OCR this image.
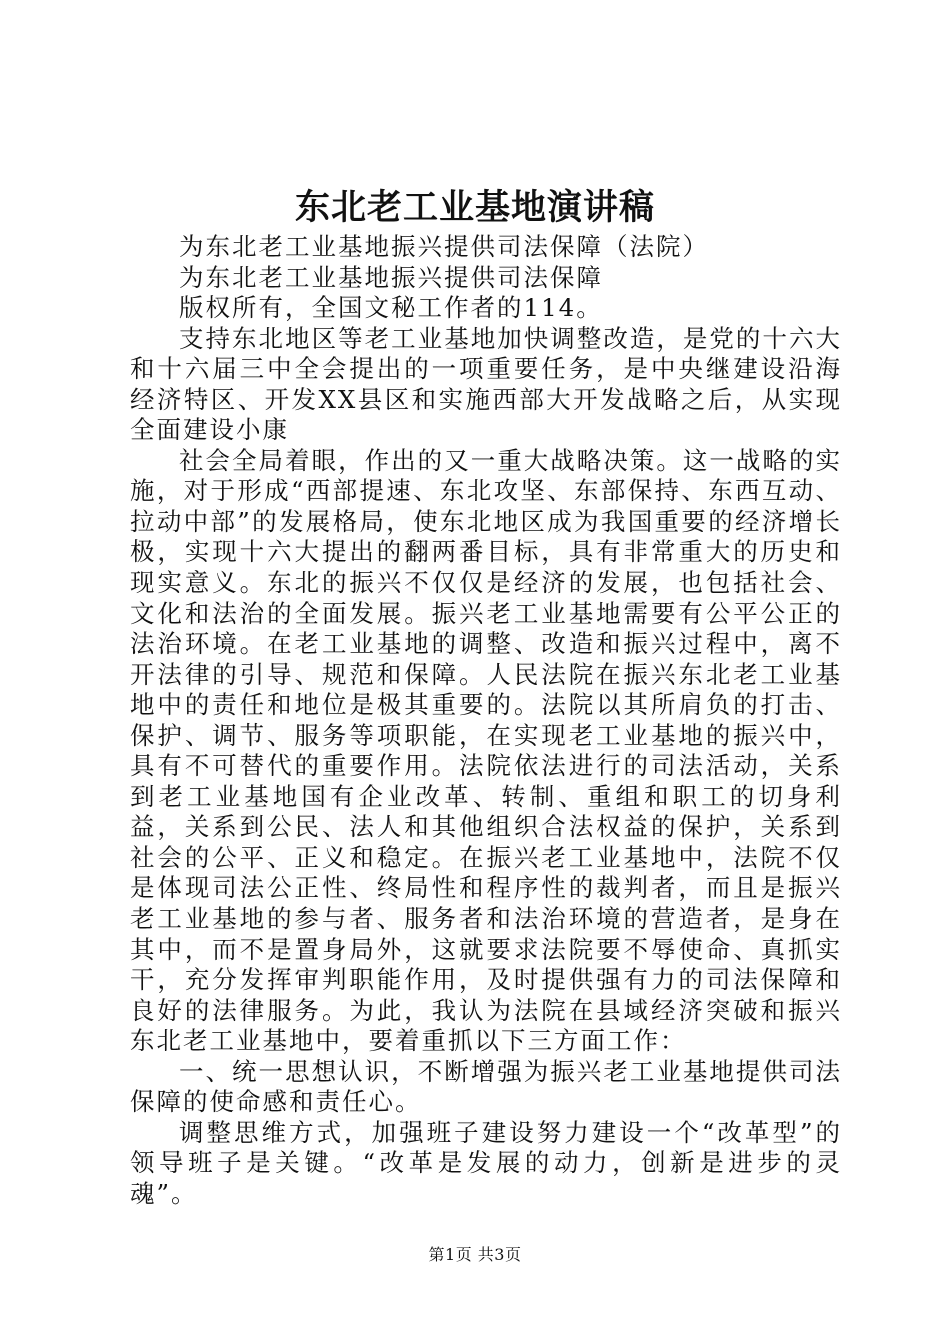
东北老工业基地演讲稿

为东北老工业基地振兴提供司法保障（法院）

为东北老工业基地振兴提供司法保障

版权所有，全国文秘工作者的114。

支持东北地区等老工业基地加快调整改造，是党的十六大和十六届三中全会提出的一项重要任务，是中央继建设沿海经济特区、开发XX县区和实施西部大开发战略之后，从实现全面建设小康

社会全局着眼，作出的又一重大战略决策。这一战略的实施，对于形成“西部提速、东北攻坚、东部保持、东西互动、拉动中部”的发展格局，使东北地区成为我国重要的经济增长极，实现十六大提出的翻两番目标，具有非常重大的历史和现实意义。东北的振兴不仅仅是经济的发展，也包括社会、文化和法治的全面发展。振兴老工业基地需要有公平公正的法治环境。在老工业基地的调整、改造和振兴过程中，离不开法律的引导、规范和保障。人民法院在振兴东北老工业基地中的责任和地位是极其重要的。法院以其所肩负的打击、保护、调节、服务等项职能，在实现老工业基地的振兴中，具有不可替代的重要作用。法院依法进行的司法活动，关系到老工业基地国有企业改革、转制、重组和职工的切身利益，关系到公民、法人和其他组织合法权益的保护，关系到社会的公平、正义和稳定。在振兴老工业基地中，法院不仅是体现司法公正性、终局性和程序性的裁判者，而且是振兴老工业基地的参与者、服务者和法治环境的营造者，是身在其中，而不是置身局外，这就要求法院要不辱使命、真抓实干，充分发挥审判职能作用，及时提供强有力的司法保障和良好的法律服务。为此，我认为法院在县域经济突破和振兴东北老工业基地中，要着重抓以下三方面工作：

一、统一思想认识，不断增强为振兴老工业基地提供司法保障的使命感和责任心。

调整思维方式，加强班子建设努力建设一个“改革型”的领导班子是关键。“改革是发展的动力，创新是进步的灵魂”。

第1页 共3页
